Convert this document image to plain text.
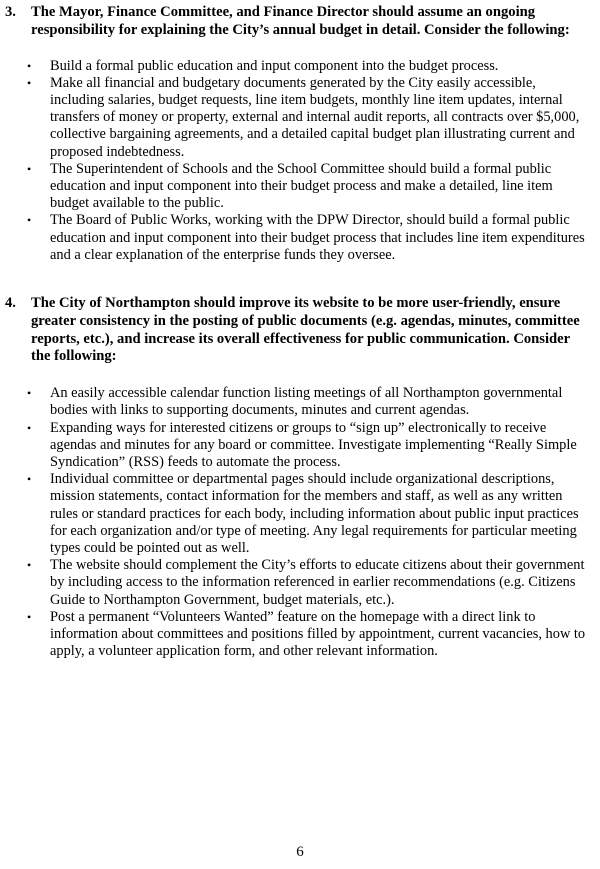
3. The Mayor, Finance Committee, and Finance Director should assume an ongoing responsibility for explaining the City’s annual budget in detail. Consider the following:
• Build a formal public education and input component into the budget process.
• Make all financial and budgetary documents generated by the City easily accessible, including salaries, budget requests, line item budgets, monthly line item updates, internal transfers of money or property, external and internal audit reports, all contracts over $5,000, collective bargaining agreements, and a detailed capital budget plan illustrating current and proposed indebtedness.
• The Superintendent of Schools and the School Committee should build a formal public education and input component into their budget process and make a detailed, line item budget available to the public.
• The Board of Public Works, working with the DPW Director, should build a formal public education and input component into their budget process that includes line item expenditures and a clear explanation of the enterprise funds they oversee.
4. The City of Northampton should improve its website to be more user-friendly, ensure greater consistency in the posting of public documents (e.g. agendas, minutes, committee reports, etc.), and increase its overall effectiveness for public communication. Consider the following:
• An easily accessible calendar function listing meetings of all Northampton governmental bodies with links to supporting documents, minutes and current agendas.
• Expanding ways for interested citizens or groups to “sign up” electronically to receive agendas and minutes for any board or committee. Investigate implementing “Really Simple Syndication” (RSS) feeds to automate the process.
• Individual committee or departmental pages should include organizational descriptions, mission statements, contact information for the members and staff, as well as any written rules or standard practices for each body, including information about public input practices for each organization and/or type of meeting. Any legal requirements for particular meeting types could be pointed out as well.
• The website should complement the City’s efforts to educate citizens about their government by including access to the information referenced in earlier recommendations (e.g. Citizens Guide to Northampton Government, budget materials, etc.).
• Post a permanent “Volunteers Wanted” feature on the homepage with a direct link to information about committees and positions filled by appointment, current vacancies, how to apply, a volunteer application form, and other relevant information.
6
